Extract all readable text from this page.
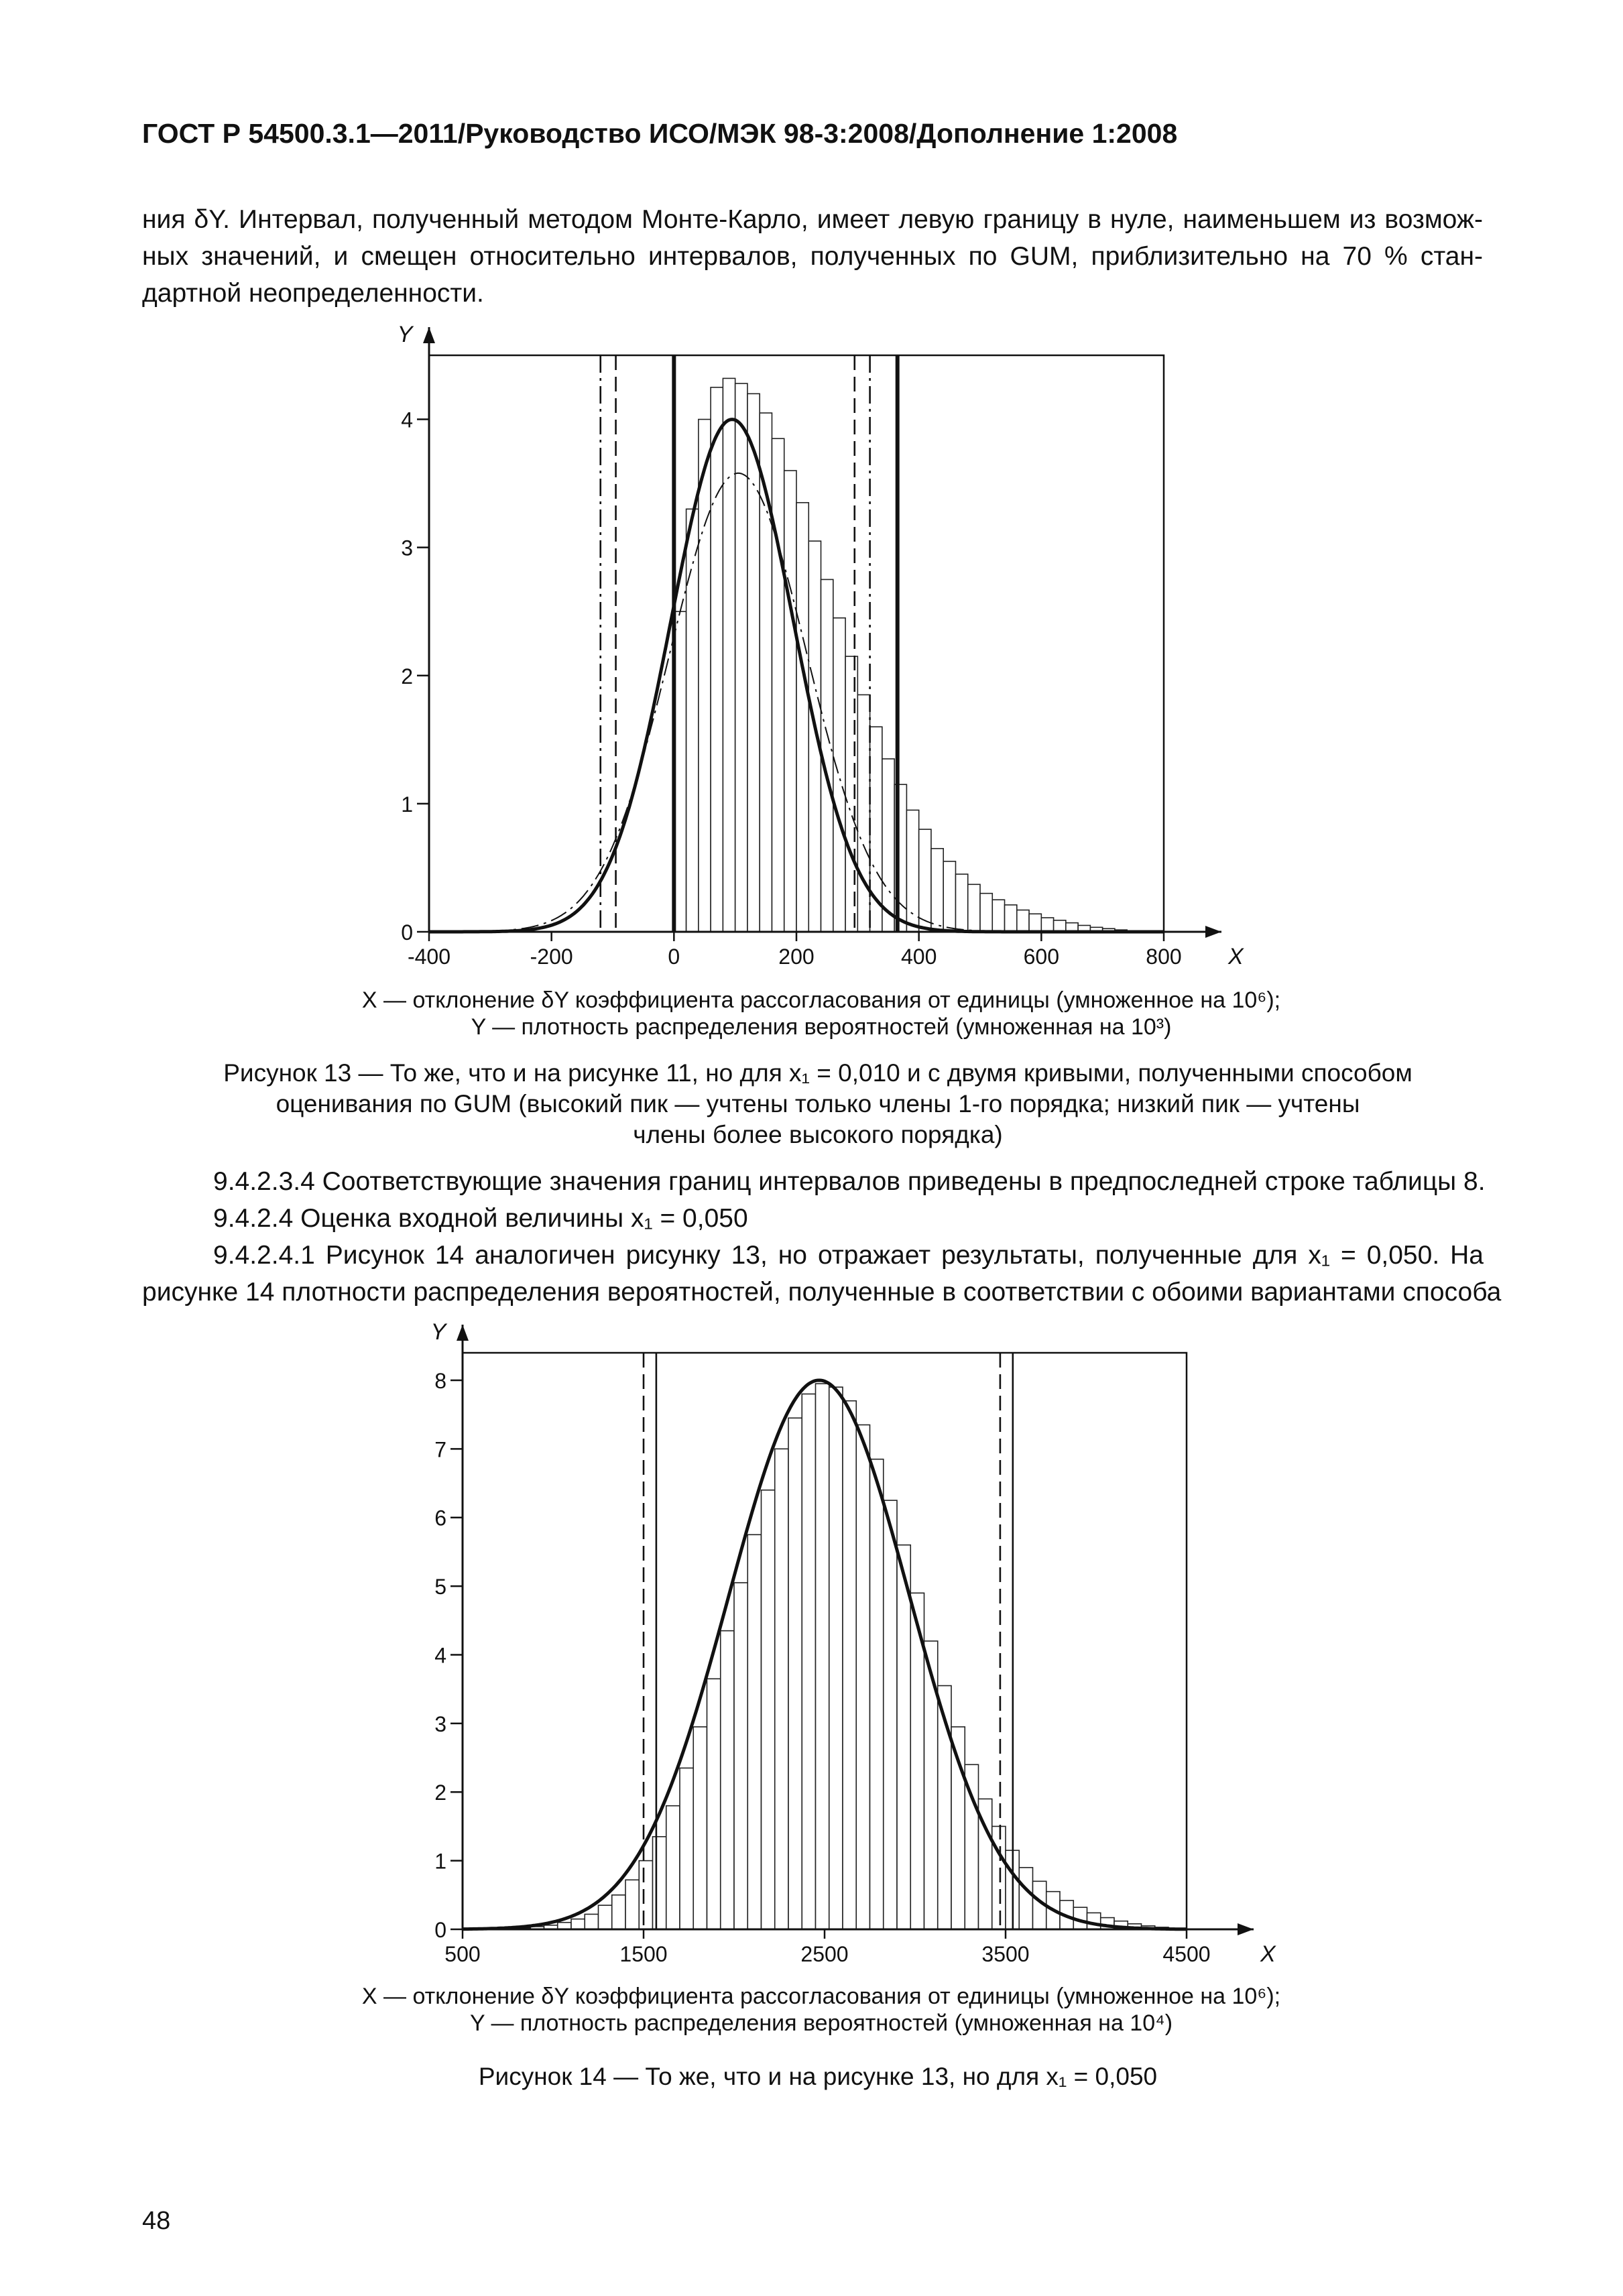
ГОСТ Р 54500.3.1—2011/Руководство ИСО/МЭК 98-3:2008/Дополнение 1:2008
ния δY. Интервал, полученный методом Монте-Карло, имеет левую границу в нуле, наименьшем из возмож-
ных значений, и смещен относительно интервалов, полученных по GUM, приблизительно на 70 % стан-
дартной неопределенности.
0
1
2
3
4
-400	-200	0	200	400	600	800
Y
X
X — отклонение δY коэффициента рассогласования от единицы (умноженное на 10⁶);
Y — плотность распределения вероятностей (умноженная на 10³)
Рисунок 13 — То же, что и на рисунке 11, но для x₁ = 0,010 и с двумя кривыми, полученными способом
оценивания по GUM (высокий пик — учтены только члены 1-го порядка; низкий пик — учтены
члены более высокого порядка)
9.4.2.3.4 Соответствующие значения границ интервалов приведены в предпоследней строке таблицы 8.
9.4.2.4 Оценка входной величины x₁ = 0,050
9.4.2.4.1 Рисунок 14 аналогичен рисунку 13, но отражает результаты, полученные для x₁ = 0,050. На
рисунке 14 плотности распределения вероятностей, полученные в соответствии с обоими вариантами способа
0
1
2
3
4
5
6
7
8
500	1500	2500	3500	4500
Y
X
X — отклонение δY коэффициента рассогласования от единицы (умноженное на 10⁶);
Y — плотность распределения вероятностей (умноженная на 10⁴)
Рисунок 14 — То же, что и на рисунке 13, но для x₁ = 0,050
48
